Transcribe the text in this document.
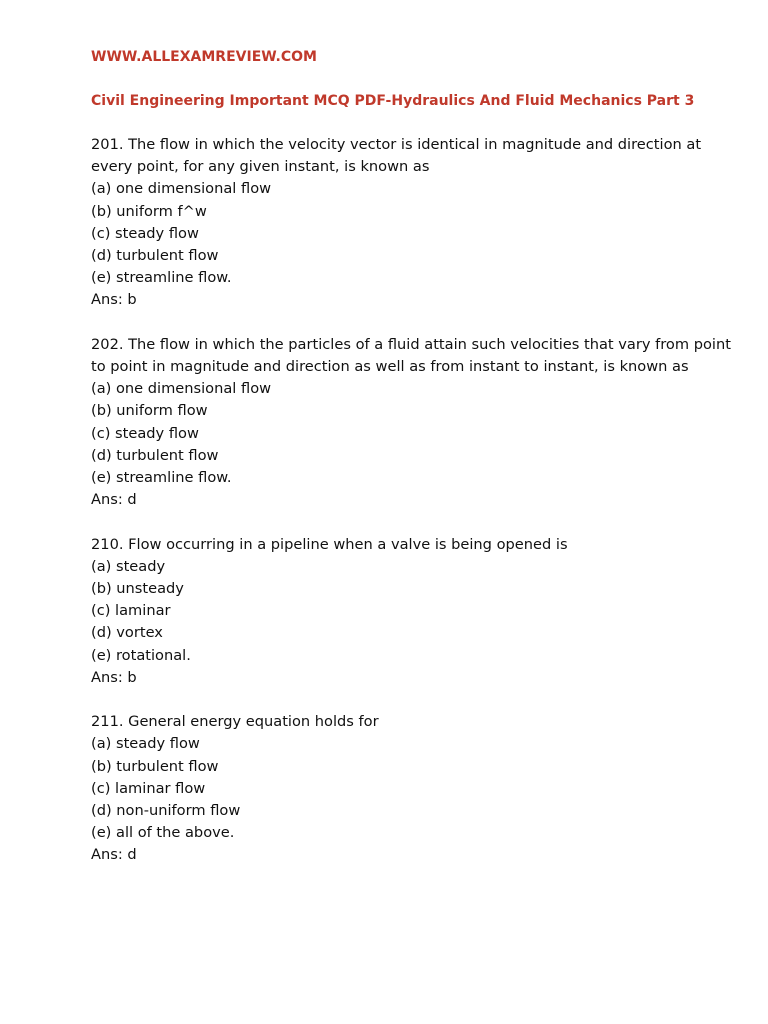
WWW.ALLEXAMREVIEW.COM

Civil Engineering Important MCQ PDF-Hydraulics And Fluid Mechanics Part 3

201. The flow in which the velocity vector is identical in magnitude and direction at every point, for any given instant, is known as
(a) one dimensional flow
(b) uniform f^w
(c) steady flow
(d) turbulent flow
(e) streamline flow.
Ans: b
202. The flow in which the particles of a fluid attain such velocities that vary from point to point in magnitude and direction as well as from instant to instant, is known as
(a) one dimensional flow
(b) uniform flow
(c) steady flow
(d) turbulent flow
(e) streamline flow.
Ans: d
210. Flow occurring in a pipeline when a valve is being opened is
(a) steady
(b) unsteady
(c) laminar
(d) vortex
(e) rotational.
Ans: b
211. General energy equation holds for
(a) steady flow
(b) turbulent flow
(c) laminar flow
(d) non-uniform flow
(e) all of the above.
Ans: d
